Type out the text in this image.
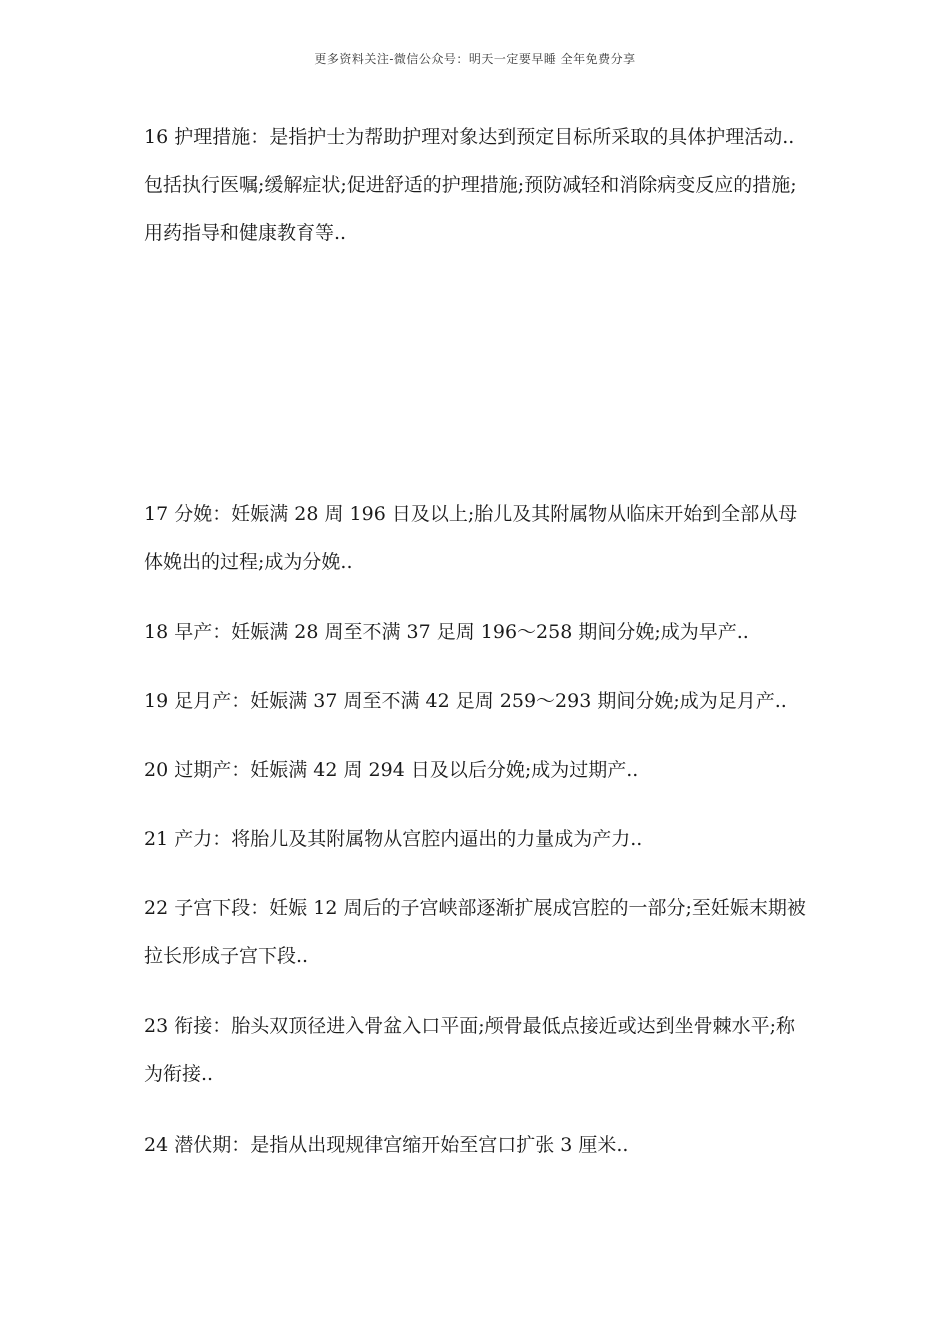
更多资料关注-微信公众号：明天一定要早睡 全年免费分享

16 护理措施：是指护士为帮助护理对象达到预定目标所采取的具体护理活动..包括执行医嘱;缓解症状;促进舒适的护理措施;预防减轻和消除病变反应的措施;用药指导和健康教育等..

17 分娩：妊娠满 28 周 196 日及以上;胎儿及其附属物从临床开始到全部从母体娩出的过程;成为分娩..

18 早产：妊娠满 28 周至不满 37 足周 196～258 期间分娩;成为早产..

19 足月产：妊娠满 37 周至不满 42 足周 259～293 期间分娩;成为足月产..

20 过期产：妊娠满 42 周 294 日及以后分娩;成为过期产..

21 产力：将胎儿及其附属物从宫腔内逼出的力量成为产力..

22 子宫下段：妊娠 12 周后的子宫峡部逐渐扩展成宫腔的一部分;至妊娠末期被拉长形成子宫下段..

23 衔接：胎头双顶径进入骨盆入口平面;颅骨最低点接近或达到坐骨棘水平;称为衔接..

24 潜伏期：是指从出现规律宫缩开始至宫口扩张 3 厘米..
